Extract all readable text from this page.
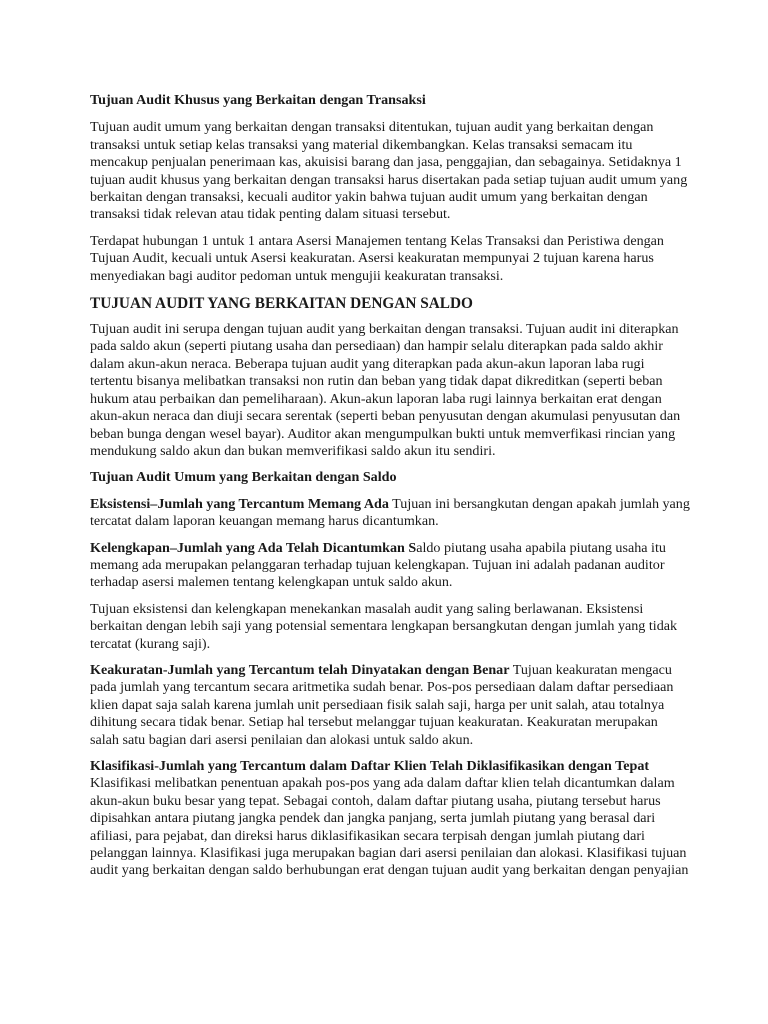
Tujuan Audit Khusus yang Berkaitan dengan Transaksi

Tujuan audit umum yang berkaitan dengan transaksi ditentukan, tujuan audit yang berkaitan dengan transaksi untuk setiap kelas transaksi yang material dikembangkan. Kelas transaksi semacam itu mencakup penjualan penerimaan kas, akuisisi barang dan jasa, penggajian, dan sebagainya. Setidaknya 1 tujuan audit khusus yang berkaitan dengan transaksi harus disertakan pada setiap tujuan audit umum yang berkaitan dengan transaksi, kecuali auditor yakin bahwa tujuan audit umum yang berkaitan dengan transaksi tidak relevan atau tidak penting dalam situasi tersebut.

Terdapat hubungan 1 untuk 1 antara Asersi Manajemen tentang Kelas Transaksi dan Peristiwa dengan Tujuan Audit, kecuali untuk Asersi keakuratan. Asersi keakuratan mempunyai 2 tujuan karena harus menyediakan bagi auditor pedoman untuk mengujii keakuratan transaksi.

TUJUAN AUDIT YANG BERKAITAN DENGAN SALDO

Tujuan audit ini serupa dengan tujuan audit yang berkaitan dengan transaksi. Tujuan audit ini diterapkan pada saldo akun (seperti piutang usaha dan persediaan) dan hampir selalu diterapkan pada saldo akhir dalam akun-akun neraca. Beberapa tujuan audit yang diterapkan pada akun-akun laporan laba rugi tertentu bisanya melibatkan transaksi non rutin dan beban yang tidak dapat dikreditkan (seperti beban hukum atau perbaikan dan pemeliharaan). Akun-akun laporan laba rugi lainnya berkaitan erat dengan akun-akun neraca dan diuji secara serentak (seperti beban penyusutan dengan akumulasi penyusutan dan beban bunga dengan wesel bayar). Auditor akan mengumpulkan bukti untuk memverfikasi rincian yang mendukung saldo akun dan bukan memverifikasi saldo akun itu sendiri.

Tujuan Audit Umum yang Berkaitan dengan Saldo

Eksistensi–Jumlah yang Tercantum Memang Ada Tujuan ini bersangkutan dengan apakah jumlah yang tercatat dalam laporan keuangan memang harus dicantumkan.

Kelengkapan–Jumlah yang Ada Telah Dicantumkan Saldo piutang usaha apabila piutang usaha itu memang ada merupakan pelanggaran terhadap tujuan kelengkapan. Tujuan ini adalah padanan auditor terhadap asersi malemen tentang kelengkapan untuk saldo akun.

Tujuan eksistensi dan kelengkapan menekankan masalah audit yang saling berlawanan. Eksistensi berkaitan dengan lebih saji yang potensial sementara lengkapan bersangkutan dengan jumlah yang tidak tercatat (kurang saji).

Keakuratan-Jumlah yang Tercantum telah Dinyatakan dengan Benar Tujuan keakuratan mengacu pada jumlah yang tercantum secara aritmetika sudah benar. Pos-pos persediaan dalam daftar persediaan klien dapat saja salah karena jumlah unit persediaan fisik salah saji, harga per unit salah, atau totalnya dihitung secara tidak benar. Setiap hal tersebut melanggar tujuan keakuratan. Keakuratan merupakan salah satu bagian dari asersi penilaian dan alokasi untuk saldo akun.

Klasifikasi-Jumlah yang Tercantum dalam Daftar Klien Telah Diklasifikasikan dengan Tepat Klasifikasi melibatkan penentuan apakah pos-pos yang ada dalam daftar klien telah dicantumkan dalam akun-akun buku besar yang tepat. Sebagai contoh, dalam daftar piutang usaha, piutang tersebut harus dipisahkan antara piutang jangka pendek dan jangka panjang, serta jumlah piutang yang berasal dari afiliasi, para pejabat, dan direksi harus diklasifikasikan secara terpisah dengan jumlah piutang dari pelanggan lainnya. Klasifikasi juga merupakan bagian dari asersi penilaian dan alokasi. Klasifikasi tujuan audit yang berkaitan dengan saldo berhubungan erat dengan tujuan audit yang berkaitan dengan penyajian
